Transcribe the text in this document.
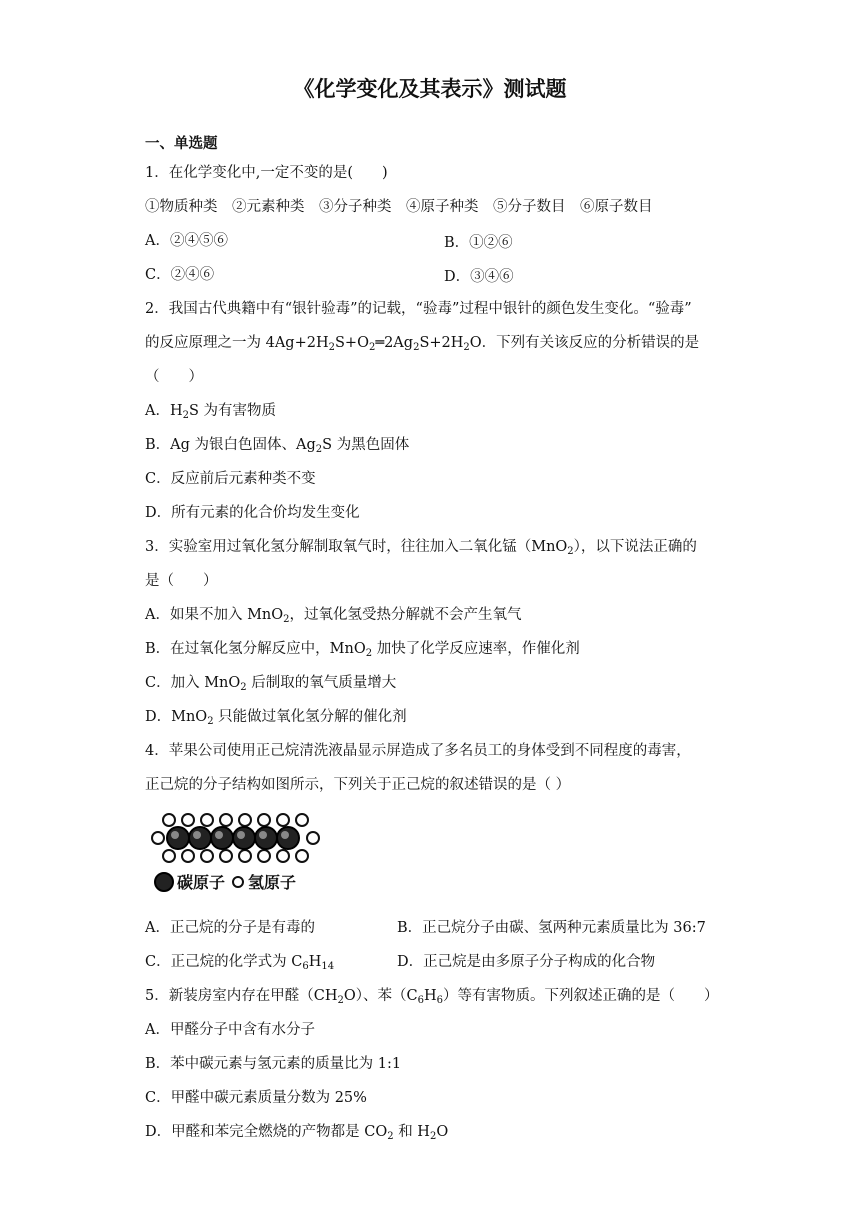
《化学变化及其表示》测试题
一、单选题
1．在化学变化中,一定不变的是(　　)
①物质种类　②元素种类　③分子种类　④原子种类　⑤分子数目　⑥原子数目
A．②④⑤⑥	B．①②⑥
C．②④⑥	D．③④⑥
2．我国古代典籍中有“银针验毒”的记载，“验毒”过程中银针的颜色发生变化。“验毒”
的反应原理之一为 $4Ag+2H_2S+O_2═2Ag_2S+2H_2O$．下列有关该反应的分析错误的是
（　　）
A．$H_2S$ 为有害物质
B．Ag 为银白色固体、$Ag_2S$ 为黑色固体
C．反应前后元素种类不变
D．所有元素的化合价均发生变化
3．实验室用过氧化氢分解制取氧气时，往往加入二氧化锰（MnO$_2$），以下说法正确的
是（　　）
A．如果不加入 MnO$_2$，过氧化氢受热分解就不会产生氧气
B．在过氧化氢分解反应中，MnO$_2$ 加快了化学反应速率，作催化剂
C．加入 MnO$_2$ 后制取的氧气质量增大
D．MnO$_2$ 只能做过氧化氢分解的催化剂
4．苹果公司使用正己烷清洗液晶显示屏造成了多名员工的身体受到不同程度的毒害，
正己烷的分子结构如图所示，下列关于正己烷的叙述错误的是（ ）
碳原子 氢原子
A．正己烷的分子是有毒的	B．正己烷分子由碳、氢两种元素质量比为 36:7
C．正己烷的化学式为 $C_6H_{14}$	D．正己烷是由多原子分子构成的化合物
5．新装房室内存在甲醛$(CH_2O)$、苯$(C_6H_6)$等有害物质。下列叙述正确的是（　　）
A．甲醛分子中含有水分子
B．苯中碳元素与氢元素的质量比为 1:1
C．甲醛中碳元素质量分数为 25%
D．甲醛和苯完全燃烧的产物都是 $CO_2$ 和 $H_2O$
